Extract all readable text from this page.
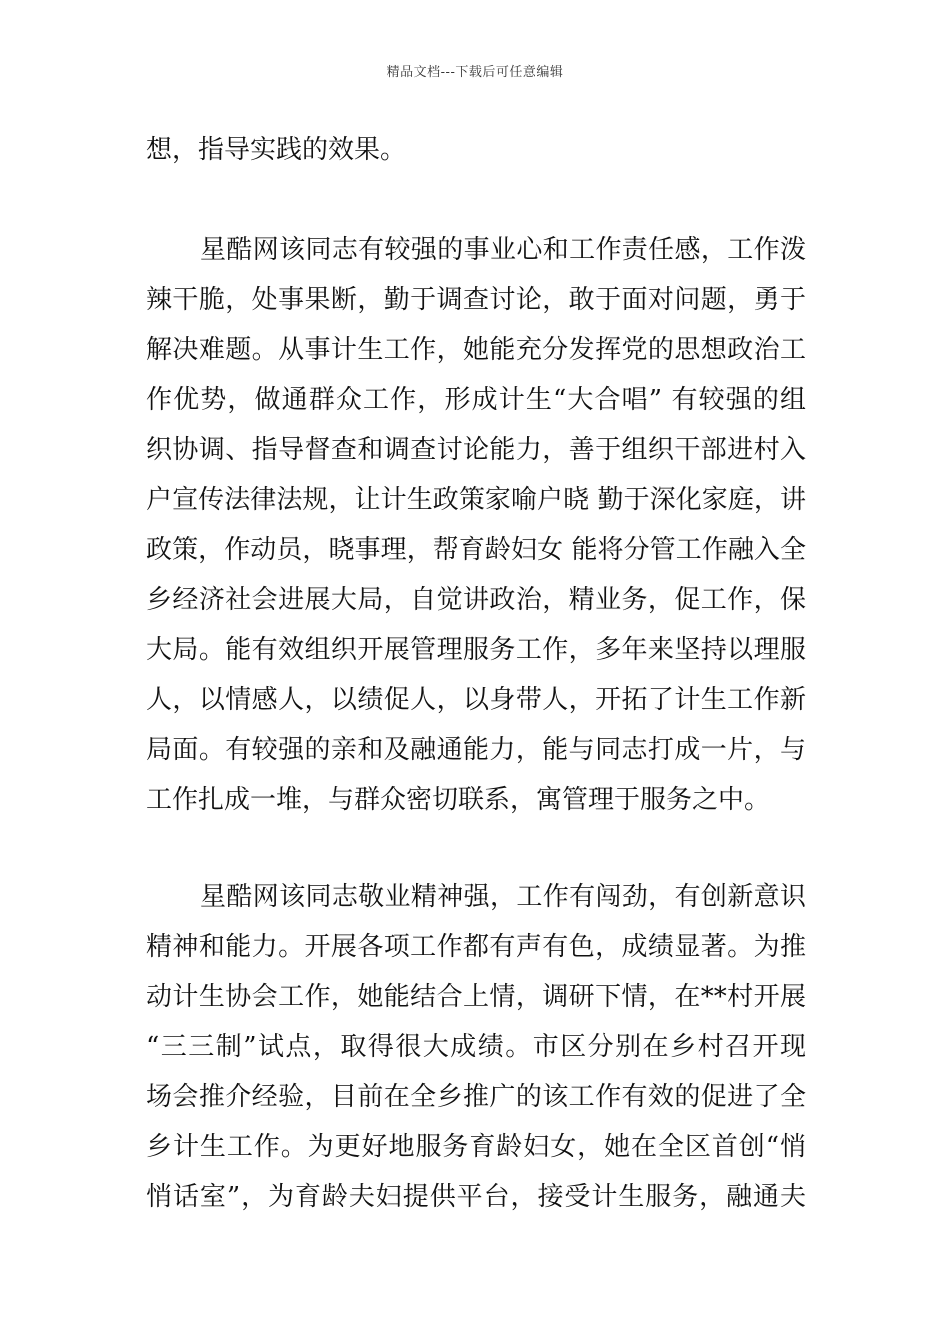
精品文档---下载后可任意编辑
想，指导实践的效果。
星酷网该同志有较强的事业心和工作责任感，工作泼
辣干脆，处事果断，勤于调查讨论，敢于面对问题，勇于
解决难题。从事计生工作，她能充分发挥党的思想政治工
作优势，做通群众工作，形成计生“大合唱” 有较强的组
织协调、指导督查和调查讨论能力，善于组织干部进村入
户宣传法律法规，让计生政策家喻户晓 勤于深化家庭，讲
政策，作动员，晓事理，帮育龄妇女 能将分管工作融入全
乡经济社会进展大局，自觉讲政治，精业务，促工作，保
大局。能有效组织开展管理服务工作，多年来坚持以理服
人，以情感人，以绩促人，以身带人，开拓了计生工作新
局面。有较强的亲和及融通能力，能与同志打成一片，与
工作扎成一堆，与群众密切联系，寓管理于服务之中。
星酷网该同志敬业精神强，工作有闯劲，有创新意识
精神和能力。开展各项工作都有声有色，成绩显著。为推
动计生协会工作，她能结合上情，调研下情，在**村开展
“三三制”试点，取得很大成绩。市区分别在乡村召开现
场会推介经验，目前在全乡推广的该工作有效的促进了全
乡计生工作。为更好地服务育龄妇女，她在全区首创“悄
悄话室”，为育龄夫妇提供平台，接受计生服务，融通夫
